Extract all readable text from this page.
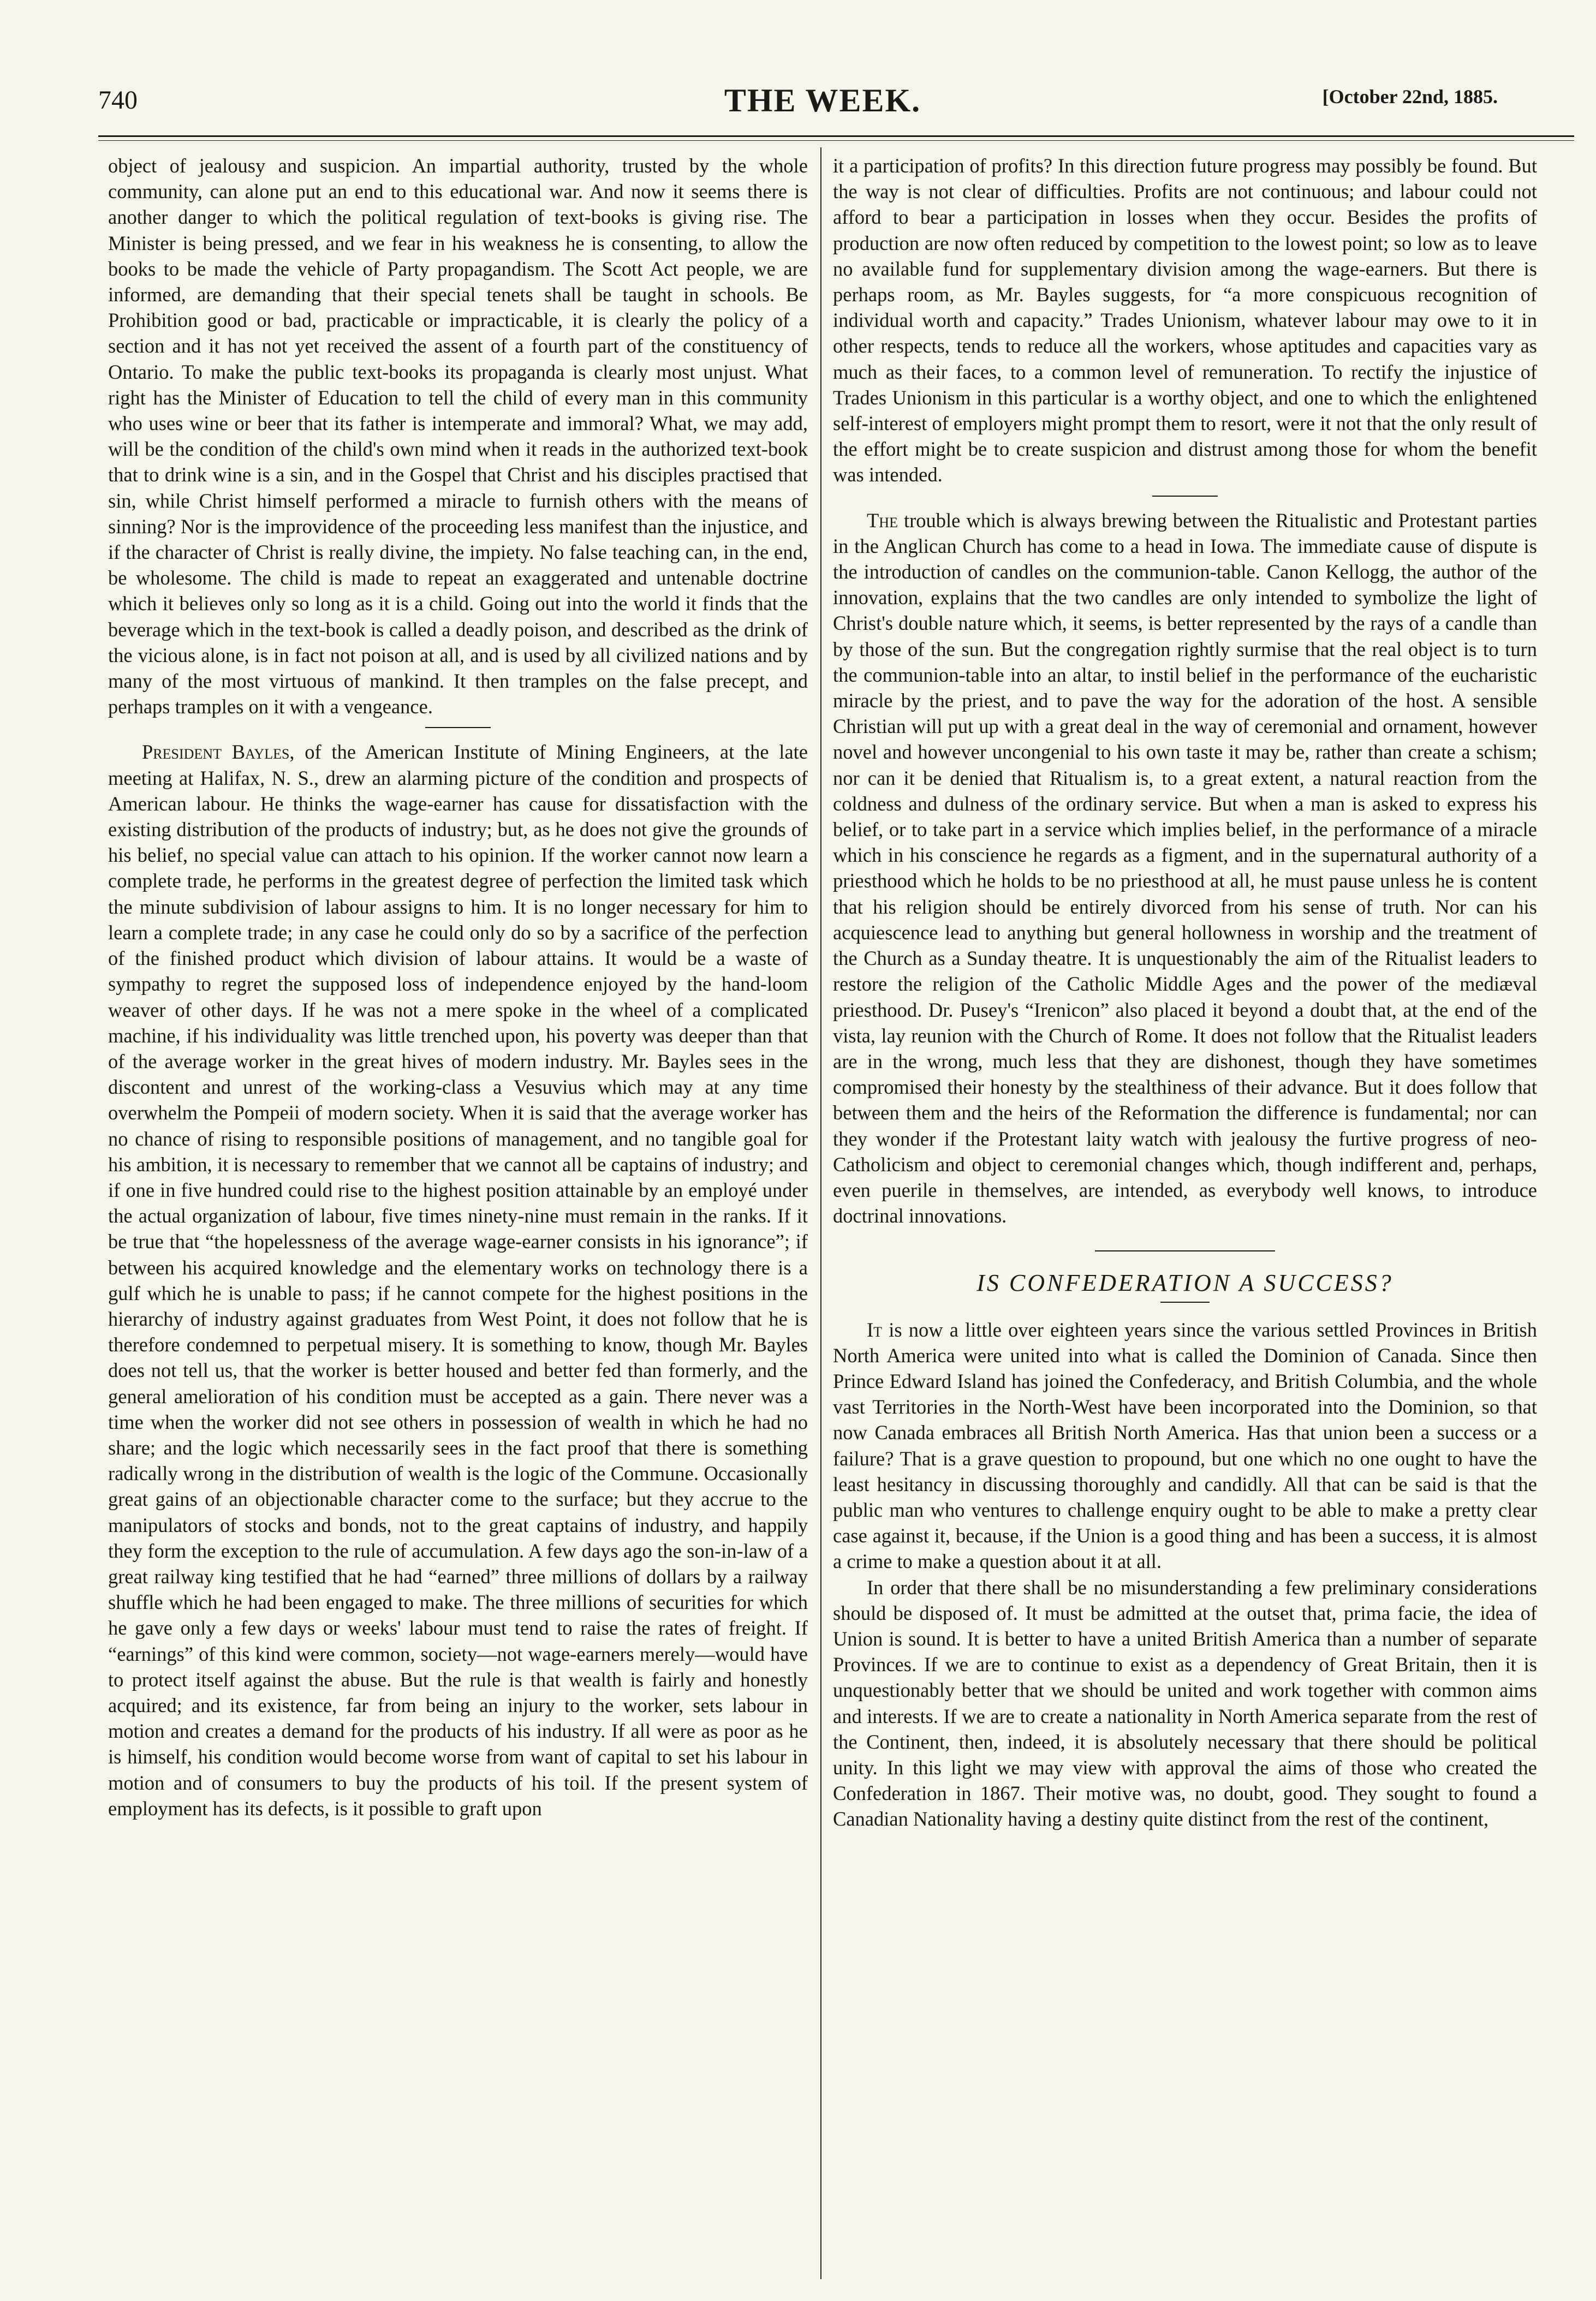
740	THE WEEK.	[October 22nd, 1885.

object of jealousy and suspicion. An impartial authority, trusted by the whole community, can alone put an end to this educational war. And now it seems there is another danger to which the political regulation of text-books is giving rise. The Minister is being pressed, and we fear in his weakness he is consenting, to allow the books to be made the vehicle of Party propagandism. The Scott Act people, we are informed, are demanding that their special tenets shall be taught in schools. Be Prohibition good or bad, practicable or impracticable, it is clearly the policy of a section and it has not yet received the assent of a fourth part of the constituency of Ontario. To make the public text-books its propaganda is clearly most unjust. What right has the Minister of Education to tell the child of every man in this community who uses wine or beer that its father is intemperate and immoral? What, we may add, will be the condition of the child's own mind when it reads in the authorized text-book that to drink wine is a sin, and in the Gospel that Christ and his disciples practised that sin, while Christ himself performed a miracle to furnish others with the means of sinning? Nor is the improvidence of the proceeding less manifest than the injustice, and if the character of Christ is really divine, the impiety. No false teaching can, in the end, be wholesome. The child is made to repeat an exaggerated and untenable doctrine which it believes only so long as it is a child. Going out into the world it finds that the beverage which in the text-book is called a deadly poison, and described as the drink of the vicious alone, is in fact not poison at all, and is used by all civilized nations and by many of the most virtuous of mankind. It then tramples on the false precept, and perhaps tramples on it with a vengeance.

President Bayles, of the American Institute of Mining Engineers, at the late meeting at Halifax, N. S., drew an alarming picture of the condition and prospects of American labour. He thinks the wage-earner has cause for dissatisfaction with the existing distribution of the products of industry; but, as he does not give the grounds of his belief, no special value can attach to his opinion. If the worker cannot now learn a complete trade, he performs in the greatest degree of perfection the limited task which the minute subdivision of labour assigns to him. It is no longer necessary for him to learn a complete trade; in any case he could only do so by a sacrifice of the perfection of the finished product which division of labour attains. It would be a waste of sympathy to regret the supposed loss of independence enjoyed by the hand-loom weaver of other days. If he was not a mere spoke in the wheel of a complicated machine, if his individuality was little trenched upon, his poverty was deeper than that of the average worker in the great hives of modern industry. Mr. Bayles sees in the discontent and unrest of the working-class a Vesuvius which may at any time overwhelm the Pompeii of modern society. When it is said that the average worker has no chance of rising to responsible positions of management, and no tangible goal for his ambition, it is necessary to remember that we cannot all be captains of industry; and if one in five hundred could rise to the highest position attainable by an employé under the actual organization of labour, five times ninety-nine must remain in the ranks. If it be true that “the hopelessness of the average wage-earner consists in his ignorance”; if between his acquired knowledge and the elementary works on technology there is a gulf which he is unable to pass; if he cannot compete for the highest positions in the hierarchy of industry against graduates from West Point, it does not follow that he is therefore condemned to perpetual misery. It is something to know, though Mr. Bayles does not tell us, that the worker is better housed and better fed than formerly, and the general amelioration of his condition must be accepted as a gain. There never was a time when the worker did not see others in possession of wealth in which he had no share; and the logic which necessarily sees in the fact proof that there is something radically wrong in the distribution of wealth is the logic of the Commune. Occasionally great gains of an objectionable character come to the surface; but they accrue to the manipulators of stocks and bonds, not to the great captains of industry, and happily they form the exception to the rule of accumulation. A few days ago the son-in-law of a great railway king testified that he had “earned” three millions of dollars by a railway shuffle which he had been engaged to make. The three millions of securities for which he gave only a few days or weeks' labour must tend to raise the rates of freight. If “earnings” of this kind were common, society—not wage-earners merely—would have to protect itself against the abuse. But the rule is that wealth is fairly and honestly acquired; and its existence, far from being an injury to the worker, sets labour in motion and creates a demand for the products of his industry. If all were as poor as he is himself, his condition would become worse from want of capital to set his labour in motion and of consumers to buy the products of his toil. If the present system of employment has its defects, is it possible to graft upon

it a participation of profits? In this direction future progress may possibly be found. But the way is not clear of difficulties. Profits are not continuous; and labour could not afford to bear a participation in losses when they occur. Besides the profits of production are now often reduced by competition to the lowest point; so low as to leave no available fund for supplementary division among the wage-earners. But there is perhaps room, as Mr. Bayles suggests, for “a more conspicuous recognition of individual worth and capacity.” Trades Unionism, whatever labour may owe to it in other respects, tends to reduce all the workers, whose aptitudes and capacities vary as much as their faces, to a common level of remuneration. To rectify the injustice of Trades Unionism in this particular is a worthy object, and one to which the enlightened self-interest of employers might prompt them to resort, were it not that the only result of the effort might be to create suspicion and distrust among those for whom the benefit was intended.

The trouble which is always brewing between the Ritualistic and Protestant parties in the Anglican Church has come to a head in Iowa. The immediate cause of dispute is the introduction of candles on the communion-table. Canon Kellogg, the author of the innovation, explains that the two candles are only intended to symbolize the light of Christ's double nature which, it seems, is better represented by the rays of a candle than by those of the sun. But the congregation rightly surmise that the real object is to turn the communion-table into an altar, to instil belief in the performance of the eucharistic miracle by the priest, and to pave the way for the adoration of the host. A sensible Christian will put up with a great deal in the way of ceremonial and ornament, however novel and however uncongenial to his own taste it may be, rather than create a schism; nor can it be denied that Ritualism is, to a great extent, a natural reaction from the coldness and dulness of the ordinary service. But when a man is asked to express his belief, or to take part in a service which implies belief, in the performance of a miracle which in his conscience he regards as a figment, and in the supernatural authority of a priesthood which he holds to be no priesthood at all, he must pause unless he is content that his religion should be entirely divorced from his sense of truth. Nor can his acquiescence lead to anything but general hollowness in worship and the treatment of the Church as a Sunday theatre. It is unquestionably the aim of the Ritualist leaders to restore the religion of the Catholic Middle Ages and the power of the mediæval priesthood. Dr. Pusey's “Irenicon” also placed it beyond a doubt that, at the end of the vista, lay reunion with the Church of Rome. It does not follow that the Ritualist leaders are in the wrong, much less that they are dishonest, though they have sometimes compromised their honesty by the stealthiness of their advance. But it does follow that between them and the heirs of the Reformation the difference is fundamental; nor can they wonder if the Protestant laity watch with jealousy the furtive progress of neo-Catholicism and object to ceremonial changes which, though indifferent and, perhaps, even puerile in themselves, are intended, as everybody well knows, to introduce doctrinal innovations.

IS CONFEDERATION A SUCCESS?

It is now a little over eighteen years since the various settled Provinces in British North America were united into what is called the Dominion of Canada. Since then Prince Edward Island has joined the Confederacy, and British Columbia, and the whole vast Territories in the North-West have been incorporated into the Dominion, so that now Canada embraces all British North America. Has that union been a success or a failure? That is a grave question to propound, but one which no one ought to have the least hesitancy in discussing thoroughly and candidly. All that can be said is that the public man who ventures to challenge enquiry ought to be able to make a pretty clear case against it, because, if the Union is a good thing and has been a success, it is almost a crime to make a question about it at all.

In order that there shall be no misunderstanding a few preliminary considerations should be disposed of. It must be admitted at the outset that, prima facie, the idea of Union is sound. It is better to have a united British America than a number of separate Provinces. If we are to continue to exist as a dependency of Great Britain, then it is unquestionably better that we should be united and work together with common aims and interests. If we are to create a nationality in North America separate from the rest of the Continent, then, indeed, it is absolutely necessary that there should be political unity. In this light we may view with approval the aims of those who created the Confederation in 1867. Their motive was, no doubt, good. They sought to found a Canadian Nationality having a destiny quite distinct from the rest of the continent,
